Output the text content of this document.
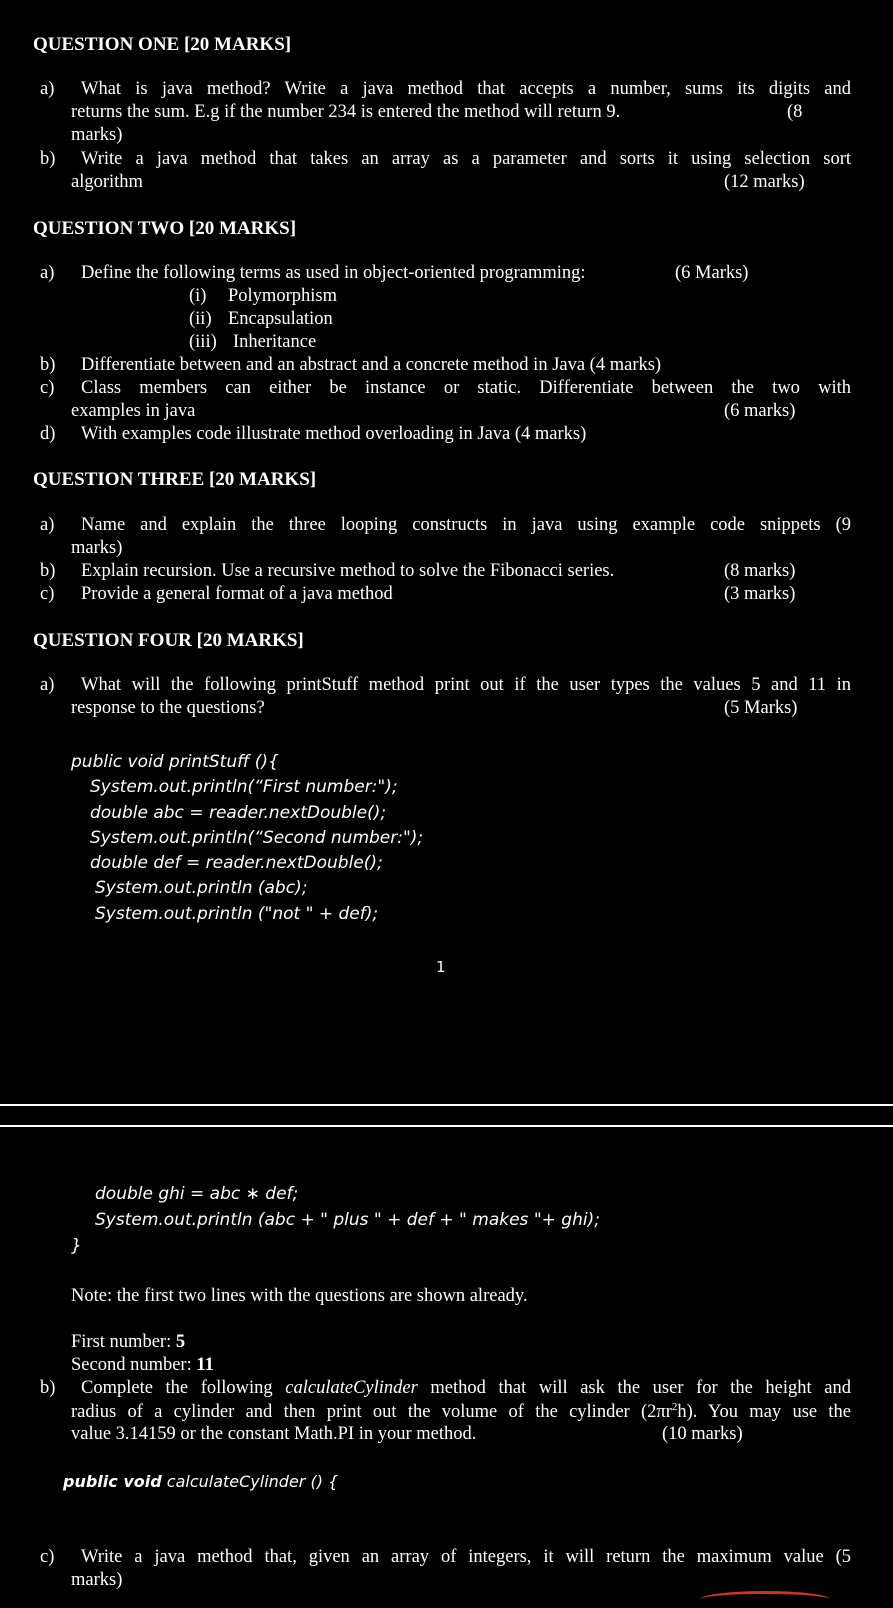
QUESTION ONE [20 MARKS]
a) What is java method? Write a java method that accepts a number, sums its digits and
returns the sum. E.g if the number 234 is entered the method will return 9.	(8
marks)
b) Write a java method that takes an array as a parameter and sorts it using selection sort
algorithm	(12 marks)
QUESTION TWO [20 MARKS]
a) Define the following terms as used in object-oriented programming:	(6 Marks)
(i) Polymorphism
(ii) Encapsulation
(iii) Inheritance
b) Differentiate between and an abstract and a concrete method in Java (4 marks)
c) Class members can either be instance or static. Differentiate between the two with
examples in java	(6 marks)
d) With examples code illustrate method overloading in Java (4 marks)
QUESTION THREE [20 MARKS]
a) Name and explain the three looping constructs in java using example code snippets (9
marks)
b) Explain recursion. Use a recursive method to solve the Fibonacci series.	(8 marks)
c) Provide a general format of a java method	(3 marks)
QUESTION FOUR [20 MARKS]
a) What will the following printStuff method print out if the user types the values 5 and 11 in
response to the questions?	(5 Marks)
public void printStuff (){
System.out.println(“First number:");
double abc = reader.nextDouble();
System.out.println(“Second number:");
double def = reader.nextDouble();
System.out.println (abc);
System.out.println ("not " + def);
1
double ghi = abc ∗ def;
System.out.println (abc + " plus " + def + " makes "+ ghi);
}
Note: the first two lines with the questions are shown already.
First number: 5
Second number: 11
b) Complete the following calculateCylinder method that will ask the user for the height and
radius of a cylinder and then print out the volume of the cylinder $(2\pi r^2h)$. You may use the
value 3.14159 or the constant Math.PI in your method.	(10 marks)
public void calculateCylinder () {
c) Write a java method that, given an array of integers, it will return the maximum value (5
marks)
